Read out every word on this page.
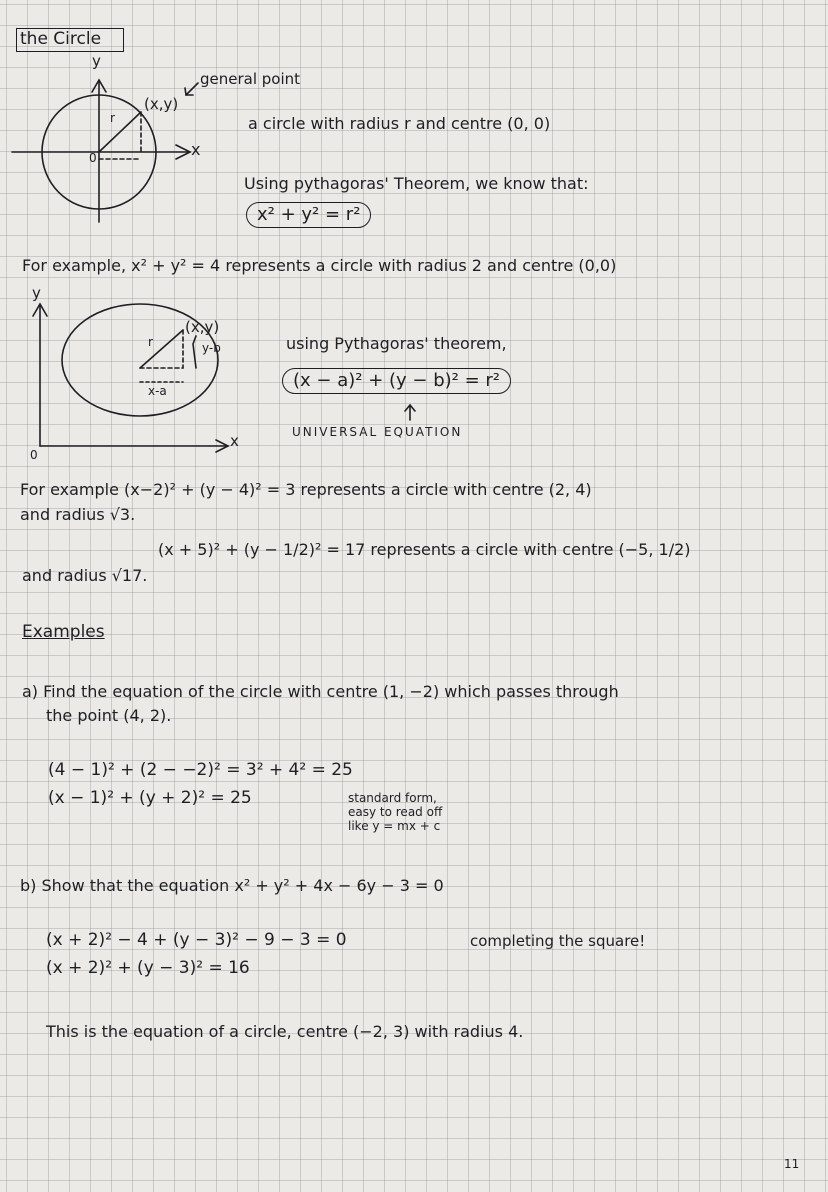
the Circle
y
x
0
(x,y)
r
general point
a circle with radius r and centre (0, 0)
Using pythagoras' Theorem, we know that:
x² + y² = r²
For example, x² + y² = 4 represents a circle with radius 2 and centre (0,0)
y
x
0
(x,y)
r
x-a
y-b	using Pythagoras' theorem,
(x − a)² + (y − b)² = r²
UNIVERSAL EQUATION
For example (x−2)² + (y − 4)² = 3 represents a circle with centre (2, 4)
and radius √3.
(x + 5)² + (y − 1/2)² = 17 represents a circle with centre (−5, 1/2)
and radius √17.
Examples
a) Find the equation of the circle with centre (1, −2) which passes through
the point (4, 2).
(4 − 1)² + (2 − −2)² = 3² + 4² = 25
(x − 1)² + (y + 2)² = 25	standard form,
easy to read off
like y = mx + c
b) Show that the equation x² + y² + 4x − 6y − 3 = 0
(x + 2)² − 4 + (y − 3)² − 9 − 3 = 0	completing the square!
(x + 2)² + (y − 3)² = 16
This is the equation of a circle, centre (−2, 3) with radius 4.
11
